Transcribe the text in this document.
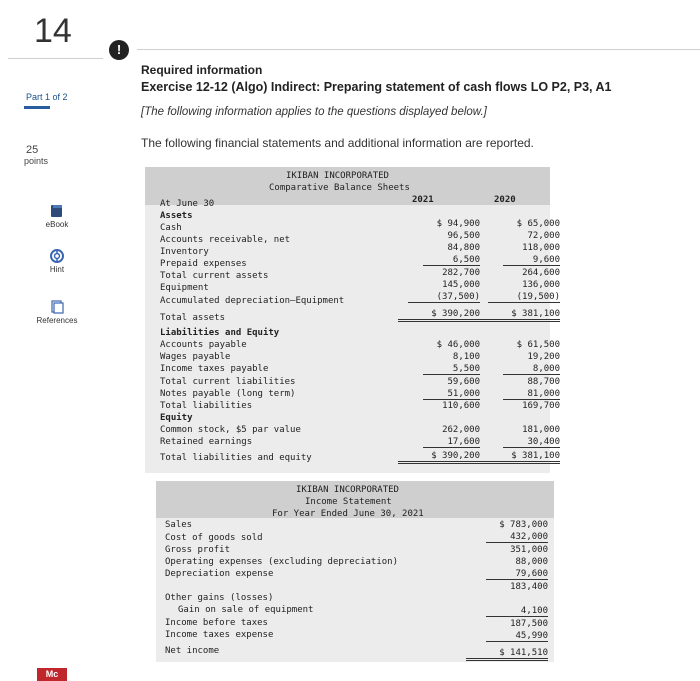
14
Part 1 of 2
25
points
eBook
Hint
References
Mc
!
Required information
Exercise 12-12 (Algo) Indirect: Preparing statement of cash flows LO P2, P3, A1
[The following information applies to the questions displayed below.]
The following financial statements and additional information are reported.
IKIBAN INCORPORATED
Comparative Balance Sheets
At June 30	2021	2020
Assets
Cash	$ 94,900	$ 65,000
Accounts receivable, net	96,500	72,000
Inventory	84,800	118,000
Prepaid expenses	6,500	9,600
Total current assets	282,700	264,600
Equipment	145,000	136,000
Accumulated depreciation–Equipment	(37,500)	(19,500)
Total assets	$ 390,200	$ 381,100
Liabilities and Equity
Accounts payable	$ 46,000	$ 61,500
Wages payable	8,100	19,200
Income taxes payable	5,500	8,000
Total current liabilities	59,600	88,700
Notes payable (long term)	51,000	81,000
Total liabilities	110,600	169,700
Equity
Common stock, $5 par value	262,000	181,000
Retained earnings	17,600	30,400
Total liabilities and equity	$ 390,200	$ 381,100
IKIBAN INCORPORATED
Income Statement
For Year Ended June 30, 2021
Sales	$ 783,000
Cost of goods sold	432,000
Gross profit	351,000
Operating expenses (excluding depreciation)	88,000
Depreciation expense	79,600
183,400
Other gains (losses)
Gain on sale of equipment	4,100
Income before taxes	187,500
Income taxes expense	45,990
Net income	$ 141,510
